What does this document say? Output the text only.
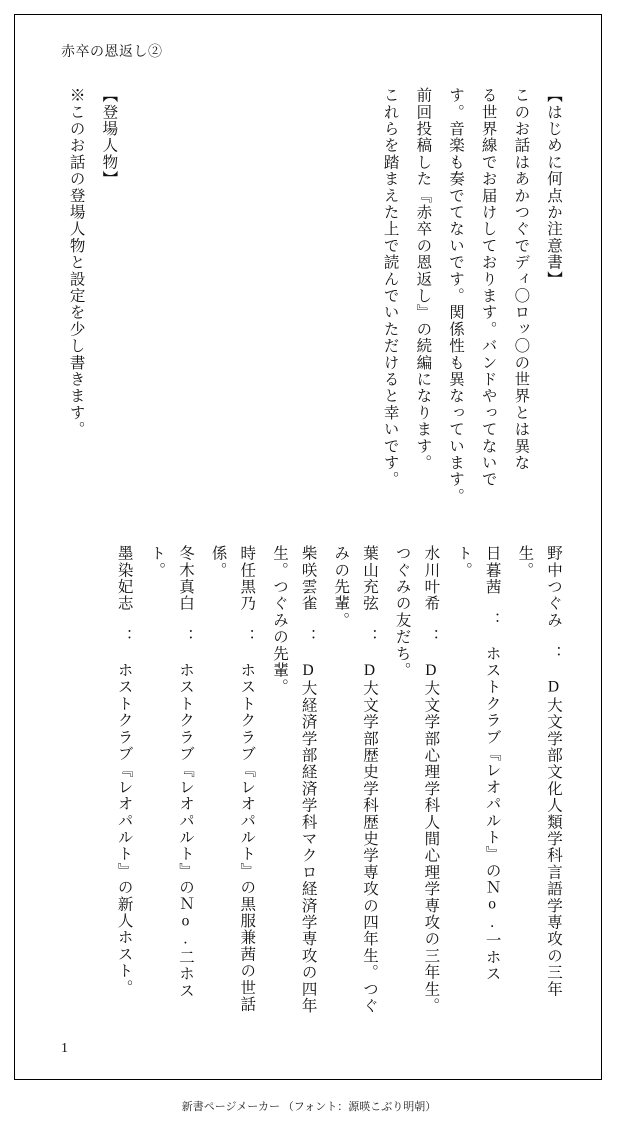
赤卒の恩返し②
これらを踏まえた上で読んでいただけると幸いです。	前回投稿した『赤卒の恩返し』の続編になります。	す。音楽も奏でてないです。関係性も異なっています。	る世界線でお届けしております。バンドやってないで	このお話はあかつぐでディ〇ロッ〇の世界とは異な	【はじめに何点か注意書】
※このお話の登場人物と設定を少し書きます。	【登場人物】
墨染妃志　：　ホストクラブ『レオパルト』の新人ホスト。	冬木真白　：　ホストクラブ『レオパルト』のＮo.二ホスト。	時任黒乃　：　ホストクラブ『レオパルト』の黒服兼茜の世話係。	柴咲雲雀　：　D大経済学部経済学科マクロ経済学専攻の四年生。つぐみの先輩。	葉山充弦　：　D大文学部歴史学科歴史学専攻の四年生。つぐみの先輩。	水川叶希　：　D大文学部心理学科人間心理学専攻の三年生。つぐみの友だち。	日暮茜　：　ホストクラブ『レオパルト』のＮo.一ホスト。	野中つぐみ　：　D大文学部文化人類学科言語学専攻の三年生。
1
新書ページメーカー （フォント：源暎こぶり明朝）
